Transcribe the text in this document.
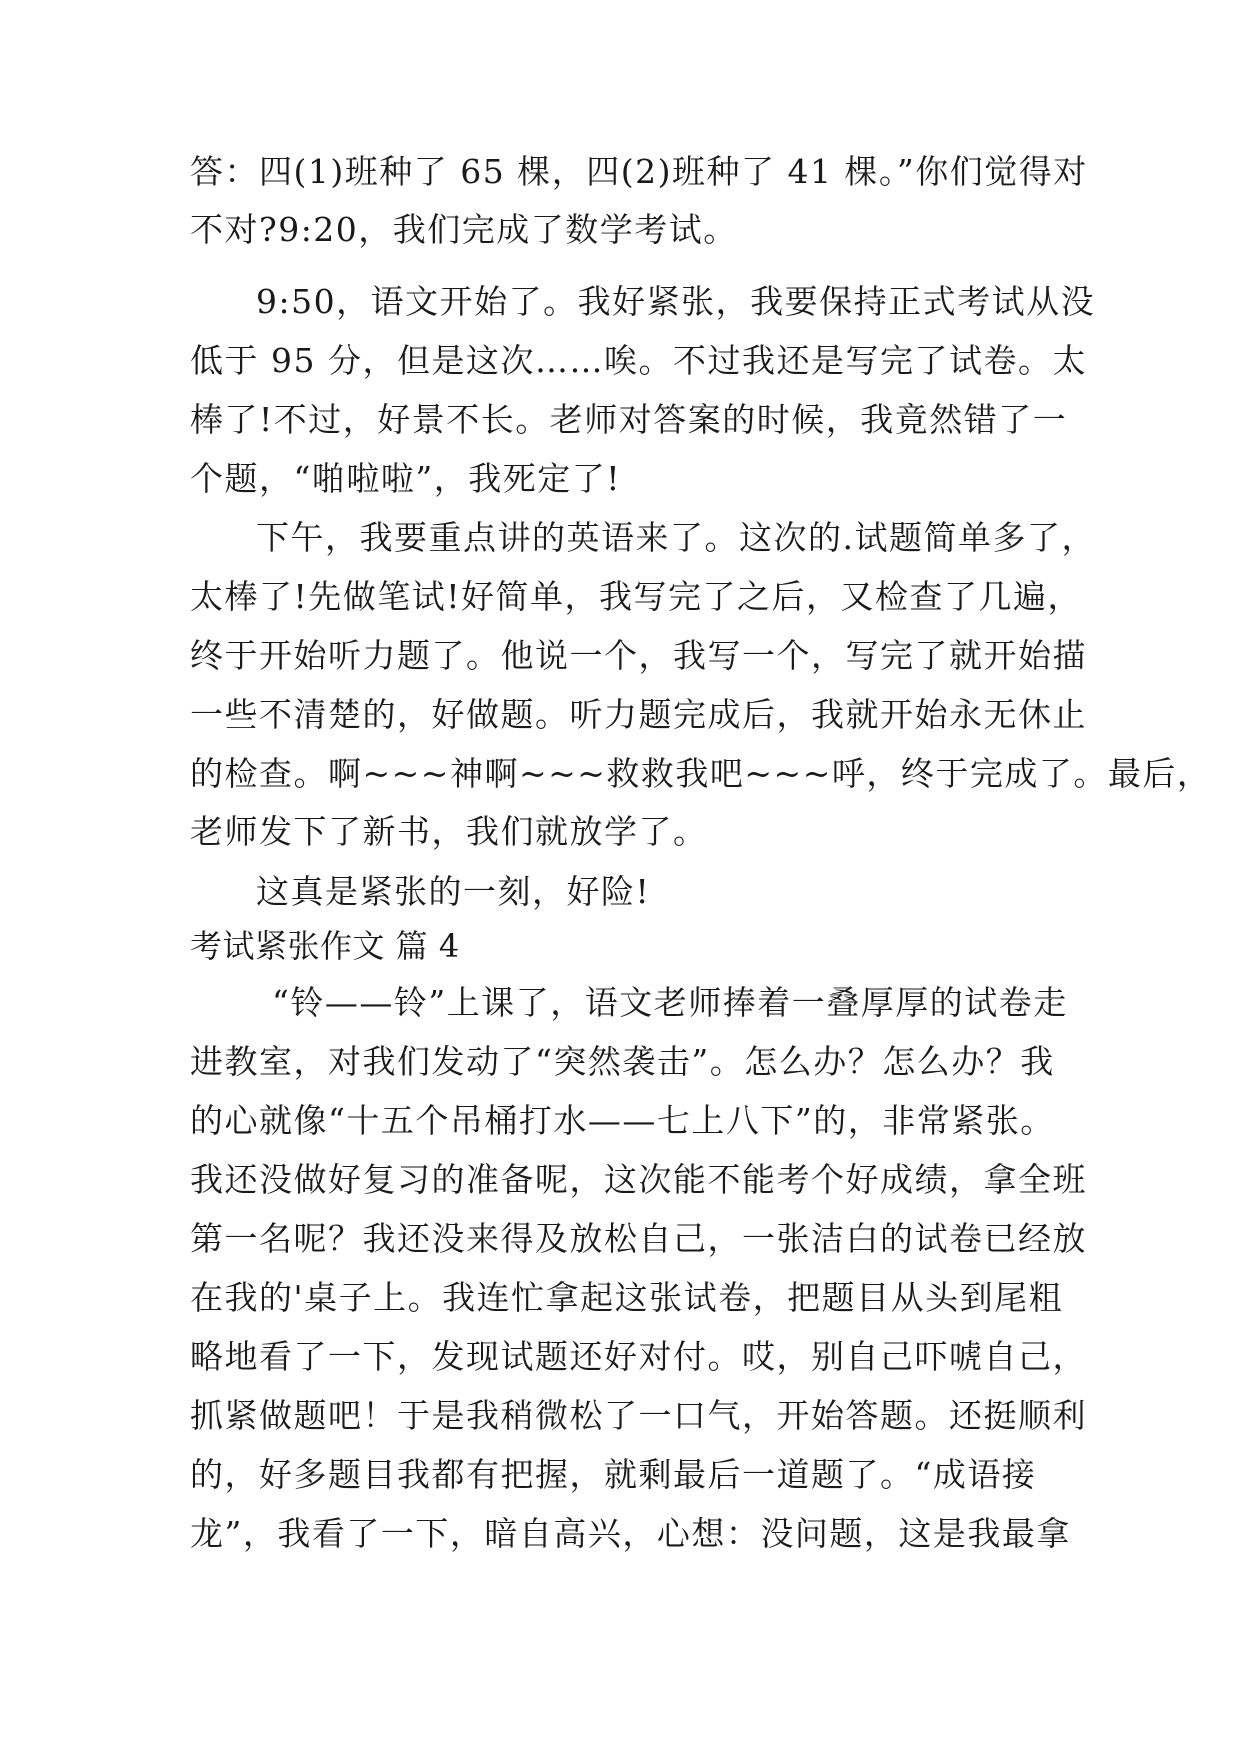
答：四(1)班种了 65 棵，四(2)班种了 41 棵。”你们觉得对
不对?9:20，我们完成了数学考试。
9:50，语文开始了。我好紧张，我要保持正式考试从没
低于 95 分，但是这次……唉。不过我还是写完了试卷。太
棒了!不过，好景不长。老师对答案的时候，我竟然错了一
个题，“啪啦啦”，我死定了!
下午，我要重点讲的英语来了。这次的.试题简单多了，
太棒了!先做笔试!好简单，我写完了之后，又检查了几遍，
终于开始听力题了。他说一个，我写一个，写完了就开始描
一些不清楚的，好做题。听力题完成后，我就开始永无休止
的检查。啊~~~神啊~~~救救我吧~~~呼，终于完成了。最后，
老师发下了新书，我们就放学了。
这真是紧张的一刻，好险!
考试紧张作文 篇 4
“铃——铃”上课了，语文老师捧着一叠厚厚的试卷走
进教室，对我们发动了“突然袭击”。怎么办？怎么办？我
的心就像“十五个吊桶打水——七上八下”的，非常紧张。
我还没做好复习的准备呢，这次能不能考个好成绩，拿全班
第一名呢？我还没来得及放松自己，一张洁白的试卷已经放
在我的'桌子上。我连忙拿起这张试卷，把题目从头到尾粗
略地看了一下，发现试题还好对付。哎，别自己吓唬自己，
抓紧做题吧！于是我稍微松了一口气，开始答题。还挺顺利
的，好多题目我都有把握，就剩最后一道题了。“成语接
龙”，我看了一下，暗自高兴，心想：没问题，这是我最拿
